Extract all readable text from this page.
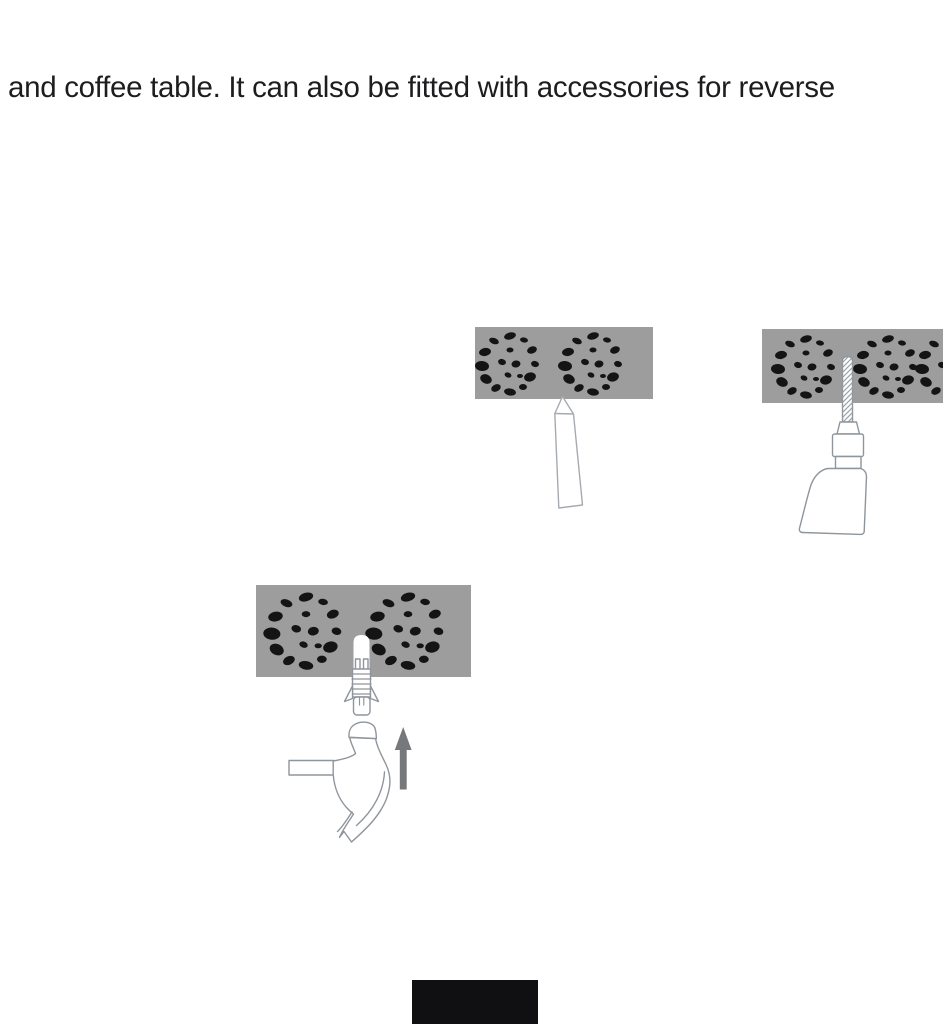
and coffee table. It can also be fitted with accessories for reverse
